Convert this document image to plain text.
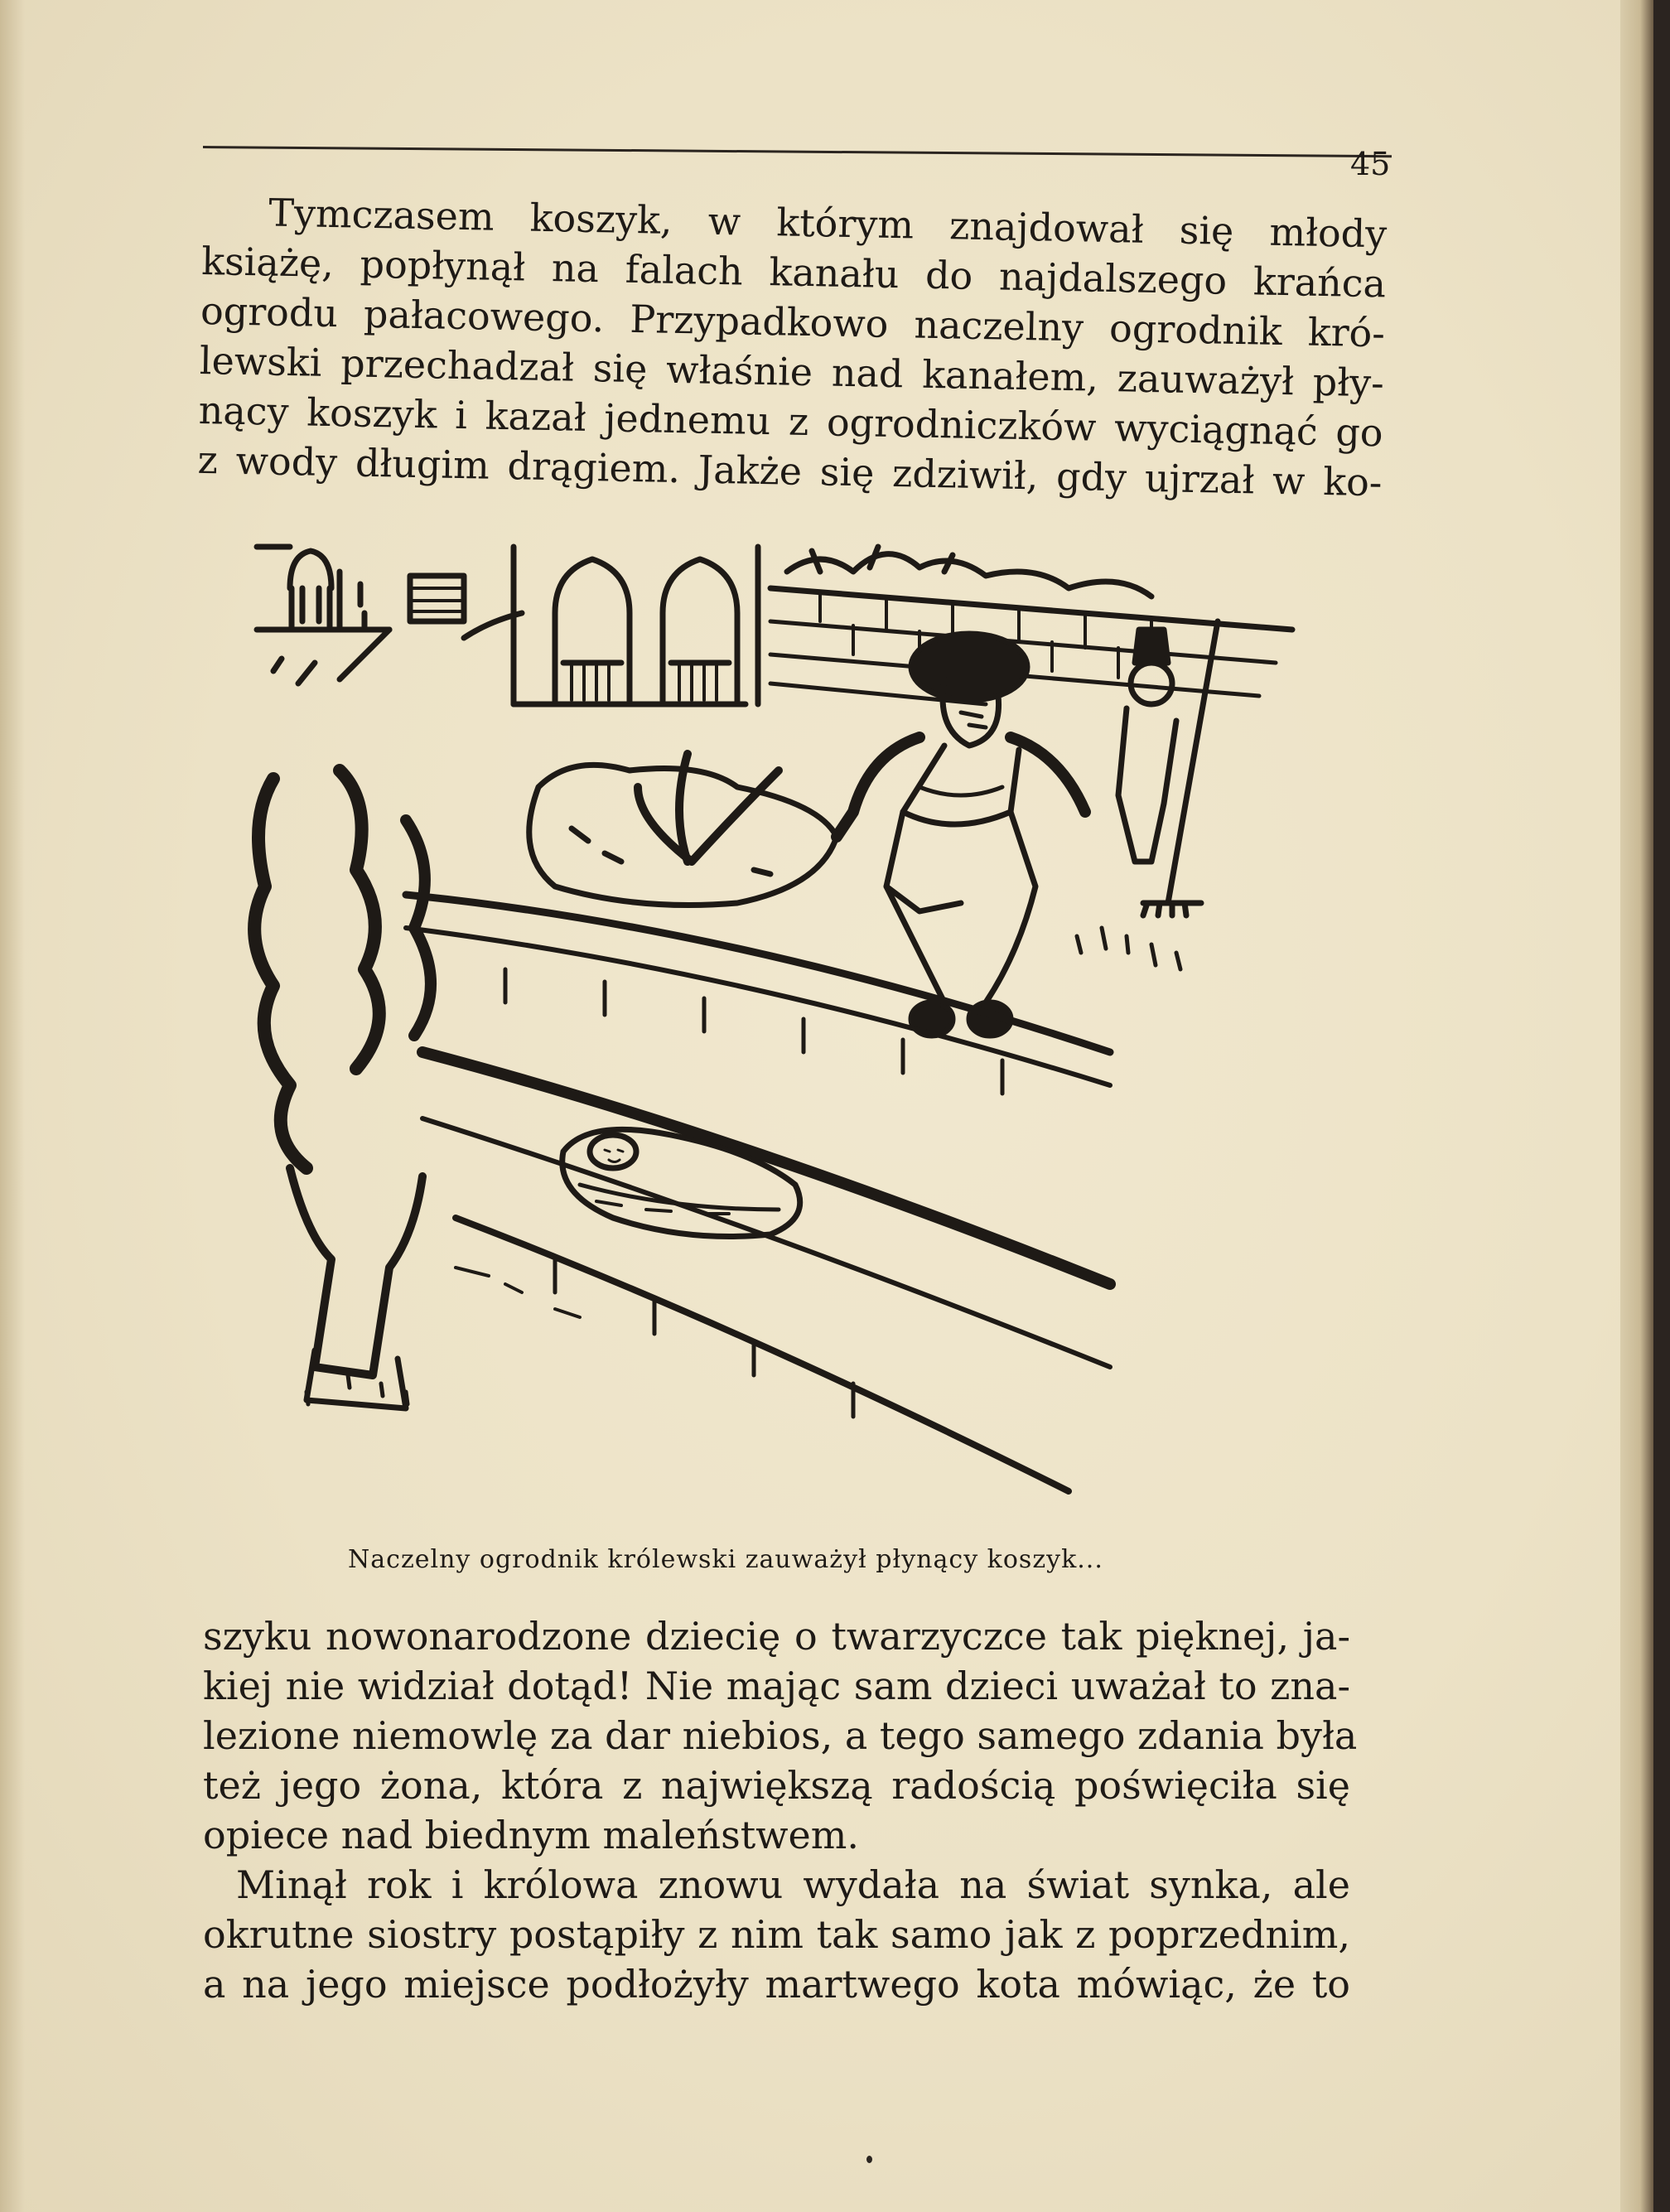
45
Tymczasem koszyk, w którym znajdował się młody
książę, popłynął na falach kanału do najdalszego krańca
ogrodu pałacowego. Przypadkowo naczelny ogrodnik kró-
lewski przechadzał się właśnie nad kanałem, zauważył pły-
nący koszyk i kazał jednemu z ogrodniczków wyciągnąć go
z wody długim drągiem. Jakże się zdziwił, gdy ujrzał w ko-
Naczelny ogrodnik królewski zauważył płynący koszyk...
szyku nowonarodzone dziecię o twarzyczce tak pięknej, ja-
kiej nie widział dotąd! Nie mając sam dzieci uważał to zna-
lezione niemowlę za dar niebios, a tego samego zdania była
też jego żona, która z największą radością poświęciła się
opiece nad biednym maleństwem.
Minął rok i królowa znowu wydała na świat synka, ale
okrutne siostry postąpiły z nim tak samo jak z poprzednim,
a na jego miejsce podłożyły martwego kota mówiąc, że to
